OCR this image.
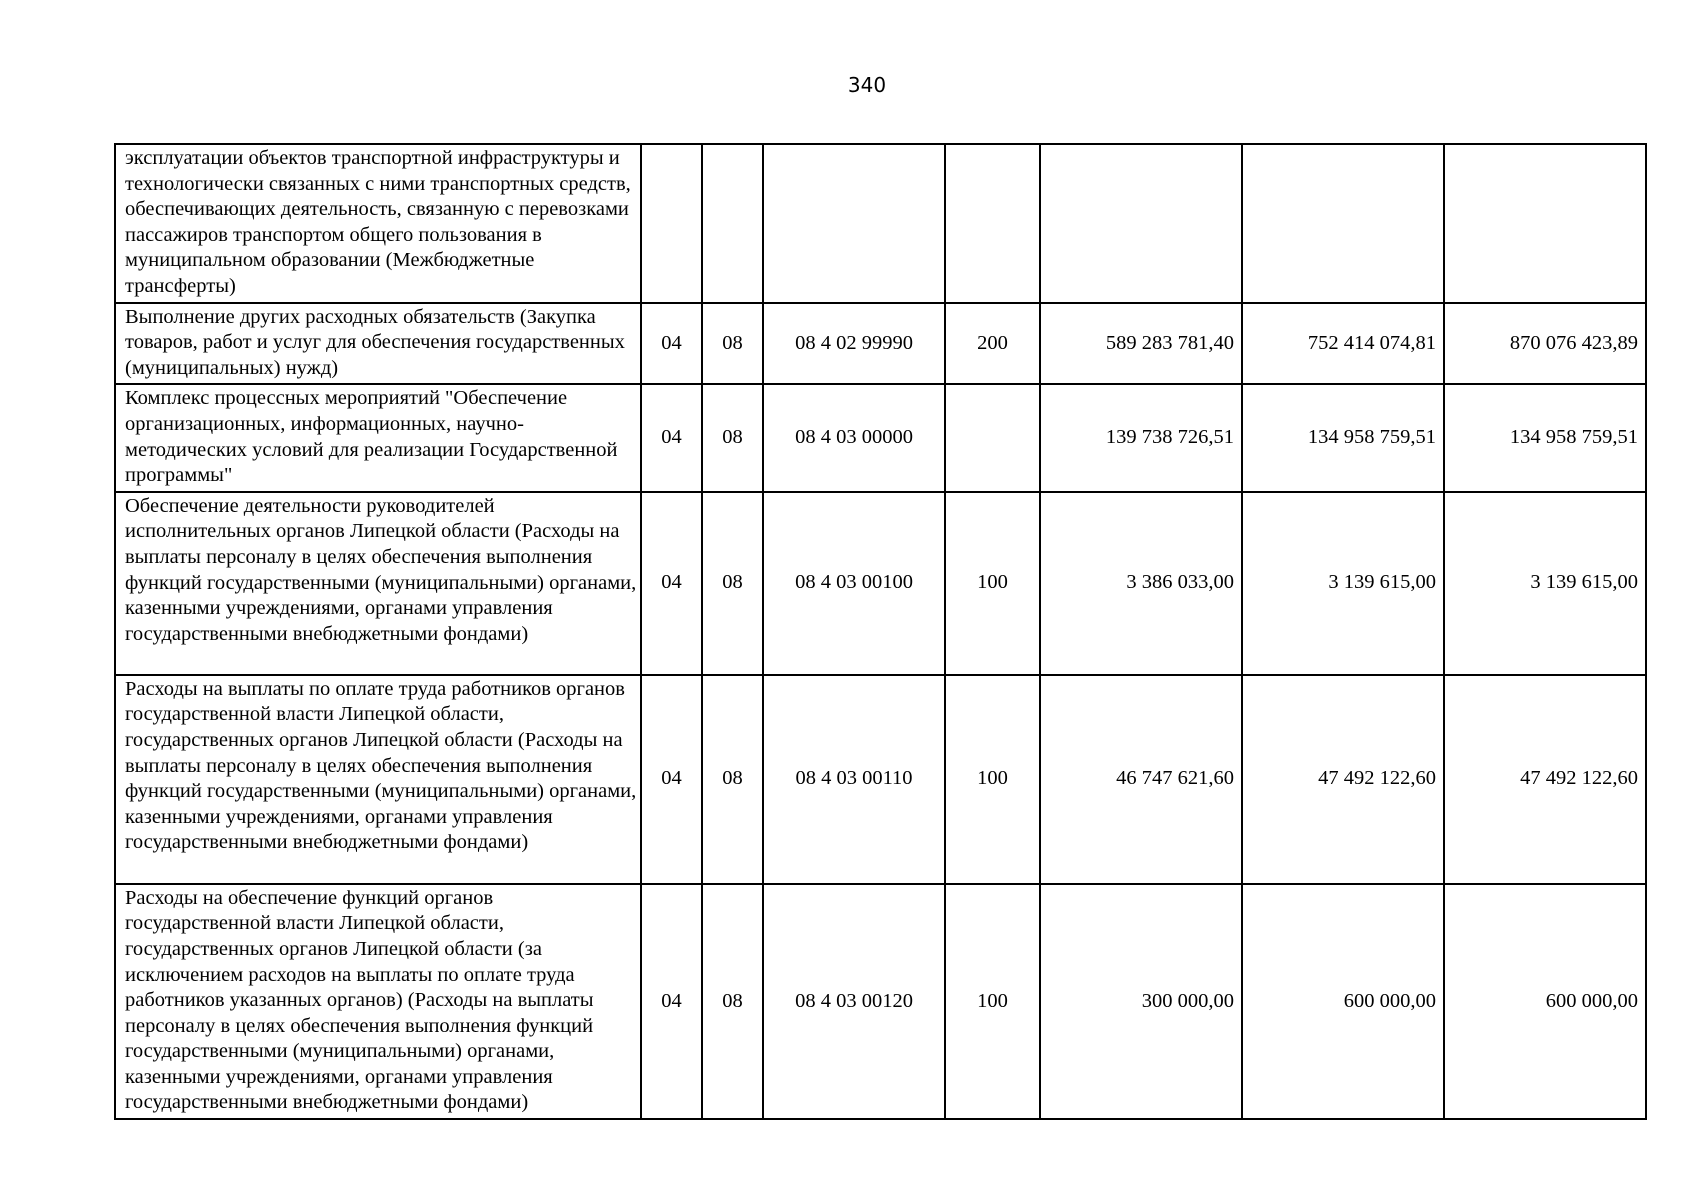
340
эксплуатации объектов транспортной инфраструктуры и технологически связанных с ними транспортных средств, обеспечивающих деятельность, связанную с перевозками пассажиров транспортом общего пользования в муниципальном образовании (Межбюджетные трансферты)							
Выполнение других расходных обязательств (Закупка товаров, работ и услуг для обеспечения государственных (муниципальных) нужд)	04	08	08 4 02 99990	200	589 283 781,40	752 414 074,81	870 076 423,89
Комплекс процессных мероприятий "Обеспечение организационных, информационных, научно-методических условий для реализации Государственной программы"	04	08	08 4 03 00000		139 738 726,51	134 958 759,51	134 958 759,51
Обеспечение деятельности руководителей исполнительных органов Липецкой области (Расходы на выплаты персоналу в целях обеспечения выполнения функций государственными (муниципальными) органами, казенными учреждениями, органами управления государственными внебюджетными фондами)	04	08	08 4 03 00100	100	3 386 033,00	3 139 615,00	3 139 615,00
Расходы на выплаты по оплате труда работников органов государственной власти Липецкой области, государственных органов Липецкой области (Расходы на выплаты персоналу в целях обеспечения выполнения функций государственными (муниципальными) органами, казенными учреждениями, органами управления государственными внебюджетными фондами)	04	08	08 4 03 00110	100	46 747 621,60	47 492 122,60	47 492 122,60
Расходы на обеспечение функций органов государственной власти Липецкой области, государственных органов Липецкой области (за исключением расходов на выплаты по оплате труда работников указанных органов) (Расходы на выплаты персоналу в целях обеспечения выполнения функций государственными (муниципальными) органами, казенными учреждениями, органами управления государственными внебюджетными фондами)	04	08	08 4 03 00120	100	300 000,00	600 000,00	600 000,00
